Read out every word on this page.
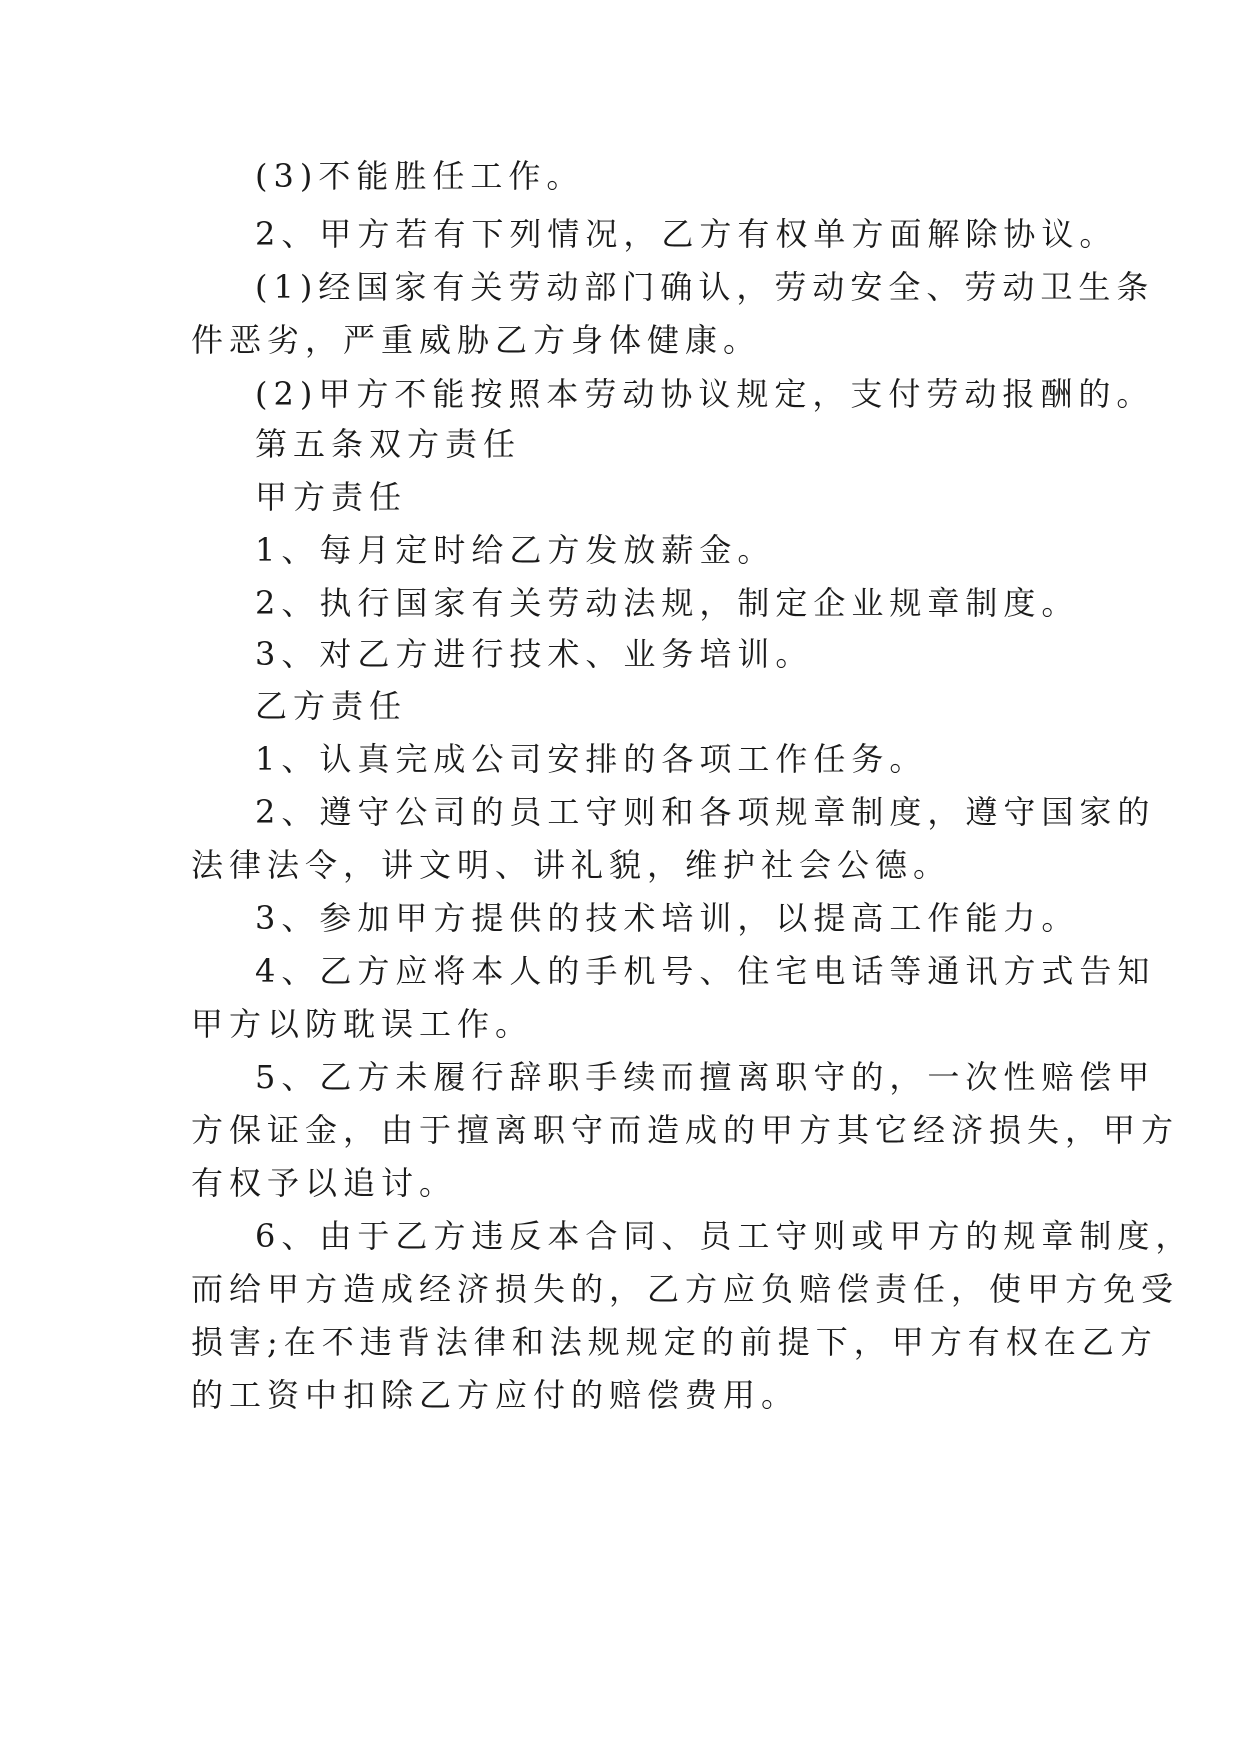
(3)不能胜任工作。
2、甲方若有下列情况，乙方有权单方面解除协议。
(1)经国家有关劳动部门确认，劳动安全、劳动卫生条
件恶劣，严重威胁乙方身体健康。
(2)甲方不能按照本劳动协议规定，支付劳动报酬的。
第五条双方责任
甲方责任
1、每月定时给乙方发放薪金。
2、执行国家有关劳动法规，制定企业规章制度。
3、对乙方进行技术、业务培训。
乙方责任
1、认真完成公司安排的各项工作任务。
2、遵守公司的员工守则和各项规章制度，遵守国家的
法律法令，讲文明、讲礼貌，维护社会公德。
3、参加甲方提供的技术培训，以提高工作能力。
4、乙方应将本人的手机号、住宅电话等通讯方式告知
甲方以防耽误工作。
5、乙方未履行辞职手续而擅离职守的，一次性赔偿甲
方保证金，由于擅离职守而造成的甲方其它经济损失，甲方
有权予以追讨。
6、由于乙方违反本合同、员工守则或甲方的规章制度，
而给甲方造成经济损失的，乙方应负赔偿责任，使甲方免受
损害;在不违背法律和法规规定的前提下，甲方有权在乙方
的工资中扣除乙方应付的赔偿费用。
